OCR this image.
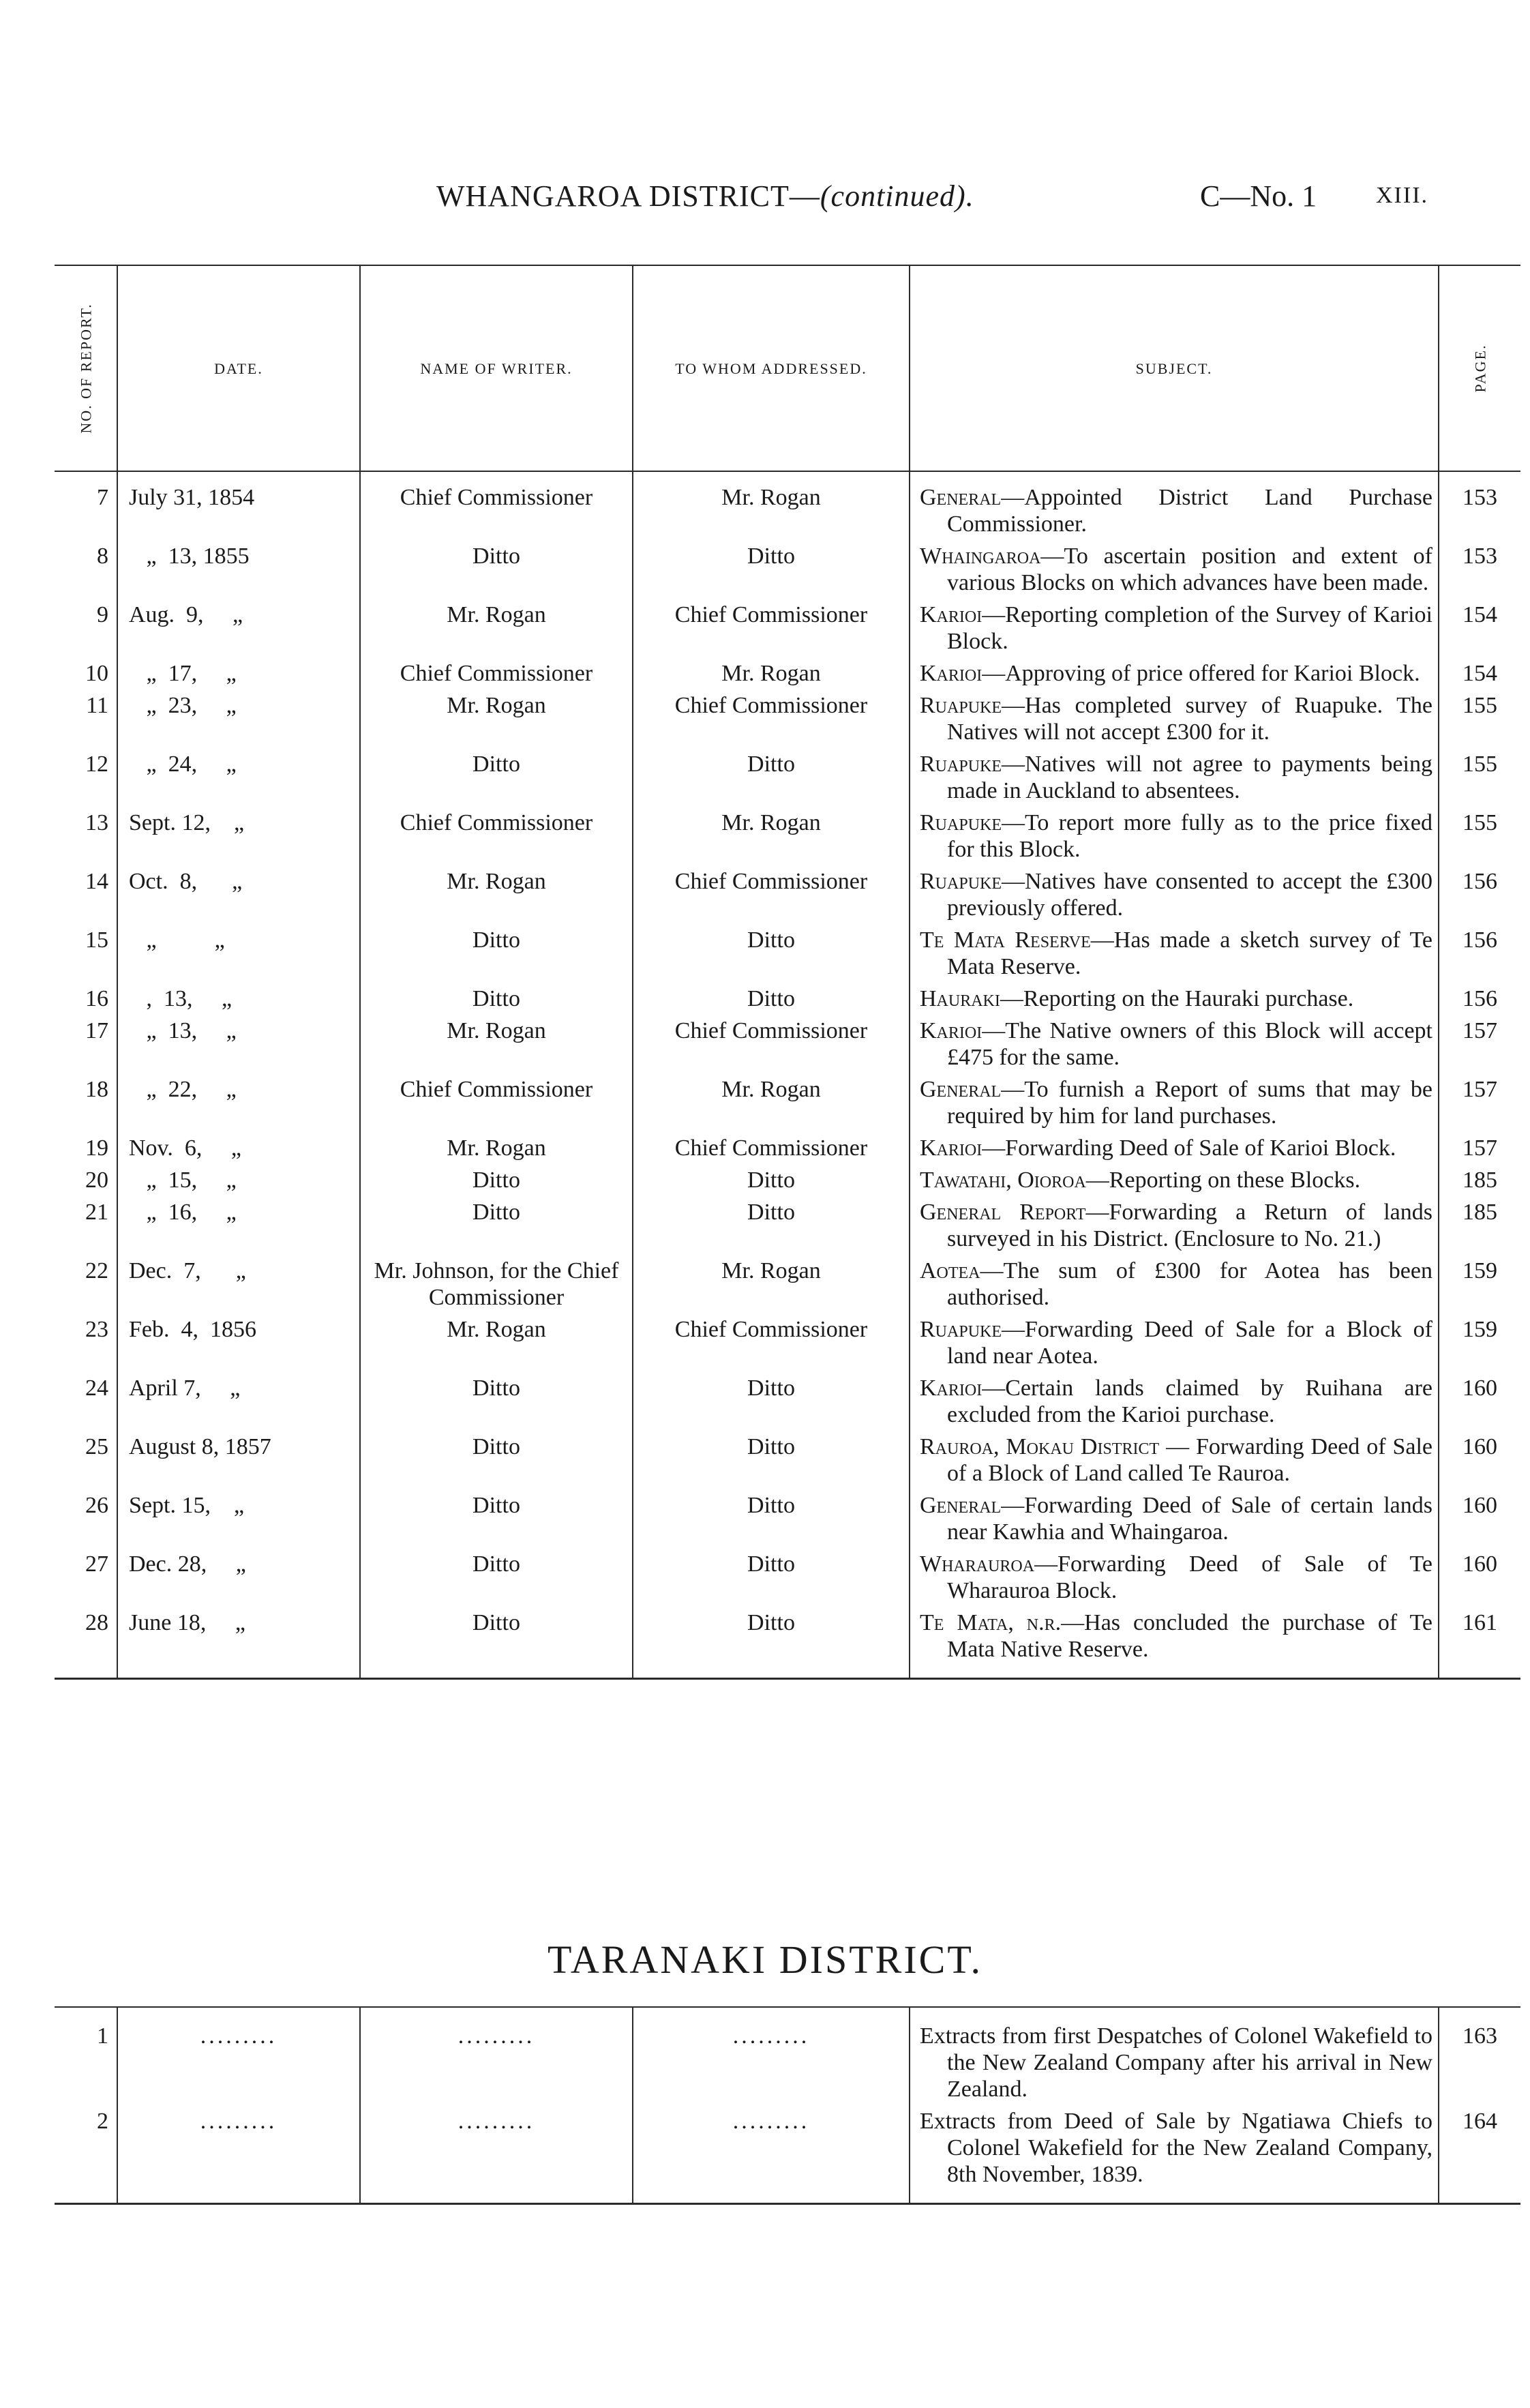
WHANGAROA DISTRICT—(continued).	C—No. 1	XIII.
NO. OF REPORT.	DATE.	NAME OF WRITER.	TO WHOM ADDRESSED.	SUBJECT.	PAGE.

7	July 31, 1854	Chief Commissioner	Mr. Rogan	General—Appointed District Land Purchase Commissioner.	153
8	„  13, 1855	Ditto	Ditto	Whaingaroa—To ascertain position and extent of various Blocks on which advances have been made.	153
9	Aug.  9,     „	Mr. Rogan	Chief Commissioner	Karioi—Reporting completion of the Survey of Karioi Block.	154
10	„  17,     „	Chief Commissioner	Mr. Rogan	Karioi—Approving of price offered for Karioi Block.	154
11	„  23,     „	Mr. Rogan	Chief Commissioner	Ruapuke—Has completed survey of Ruapuke. The Natives will not accept £300 for it.	155
12	„  24,     „	Ditto	Ditto	Ruapuke—Natives will not agree to payments being made in Auckland to absentees.	155
13	Sept. 12,    „	Chief Commissioner	Mr. Rogan	Ruapuke—To report more fully as to the price fixed for this Block.	155
14	Oct.  8,      „	Mr. Rogan	Chief Commissioner	Ruapuke—Natives have consented to accept the £300 previously offered.	156
15	„          „	Ditto	Ditto	Te Mata Reserve—Has made a sketch survey of Te Mata Reserve.	156
16	,  13,     „	Ditto	Ditto	Hauraki—Reporting on the Hauraki purchase.	156
17	„  13,     „	Mr. Rogan	Chief Commissioner	Karioi—The Native owners of this Block will accept £475 for the same.	157
18	„  22,     „	Chief Commissioner	Mr. Rogan	General—To furnish a Report of sums that may be required by him for land purchases.	157
19	Nov.  6,     „	Mr. Rogan	Chief Commissioner	Karioi—Forwarding Deed of Sale of Karioi Block.	157
20	„  15,     „	Ditto	Ditto	Tawatahi, Oioroa—Reporting on these Blocks.	185
21	„  16,     „	Ditto	Ditto	General Report—Forwarding a Return of lands surveyed in his District. (Enclosure to No. 21.)	185
22	Dec.  7,      „	Mr. Johnson, for the Chief Commissioner	Mr. Rogan	Aotea—The sum of £300 for Aotea has been authorised.	159
23	Feb.  4,  1856	Mr. Rogan	Chief Commissioner	Ruapuke—Forwarding Deed of Sale for a Block of land near Aotea.	159
24	April 7,     „	Ditto	Ditto	Karioi—Certain lands claimed by Ruihana are excluded from the Karioi purchase.	160
25	August 8, 1857	Ditto	Ditto	Rauroa, Mokau District — Forwarding Deed of Sale of a Block of Land called Te Rauroa.	160
26	Sept. 15,    „	Ditto	Ditto	General—Forwarding Deed of Sale of certain lands near Kawhia and Whaingaroa.	160
27	Dec. 28,     „	Ditto	Ditto	Wharauroa—Forwarding Deed of Sale of Te Wharauroa Block.	160
28	June 18,     „	Ditto	Ditto	Te Mata, n.r.—Has concluded the purchase of Te Mata Native Reserve.	161
TARANAKI DISTRICT.
1	.........	.........	.........	Extracts from first Despatches of Colonel Wakefield to the New Zealand Company after his arrival in New Zealand.	163
2	.........	.........	.........	Extracts from Deed of Sale by Ngatiawa Chiefs to Colonel Wakefield for the New Zealand Company, 8th November, 1839.	164
